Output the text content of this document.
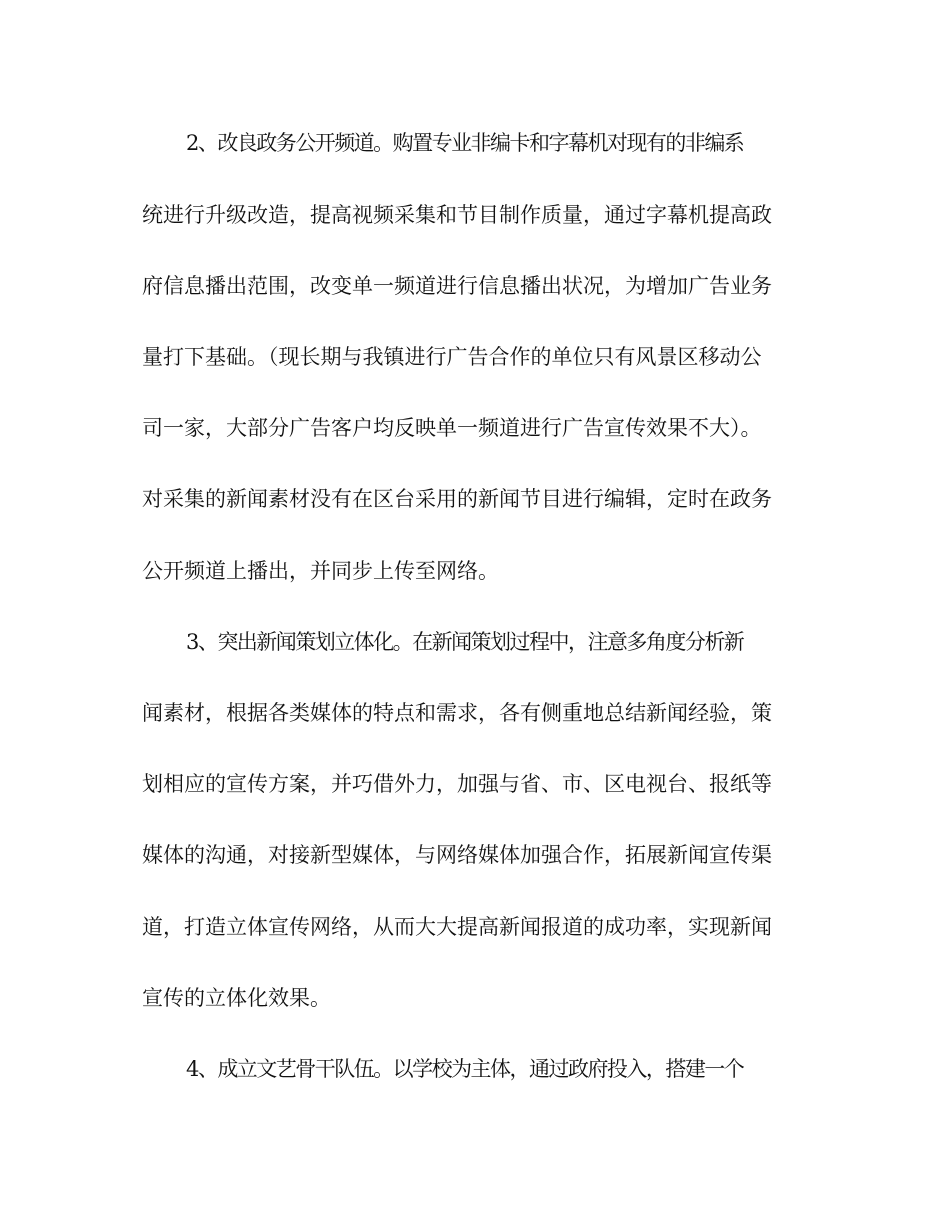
2、改良政务公开频道。购置专业非编卡和字幕机对现有的非编系
统进行升级改造，提高视频采集和节目制作质量，通过字幕机提高政
府信息播出范围，改变单一频道进行信息播出状况，为增加广告业务
量打下基础。（现长期与我镇进行广告合作的单位只有风景区移动公
司一家，大部分广告客户均反映单一频道进行广告宣传效果不大）。
对采集的新闻素材没有在区台采用的新闻节目进行编辑，定时在政务
公开频道上播出，并同步上传至网络。
3、突出新闻策划立体化。在新闻策划过程中，注意多角度分析新
闻素材，根据各类媒体的特点和需求，各有侧重地总结新闻经验，策
划相应的宣传方案，并巧借外力，加强与省、市、区电视台、报纸等
媒体的沟通，对接新型媒体，与网络媒体加强合作，拓展新闻宣传渠
道，打造立体宣传网络，从而大大提高新闻报道的成功率，实现新闻
宣传的立体化效果。
4、成立文艺骨干队伍。以学校为主体，通过政府投入，搭建一个
